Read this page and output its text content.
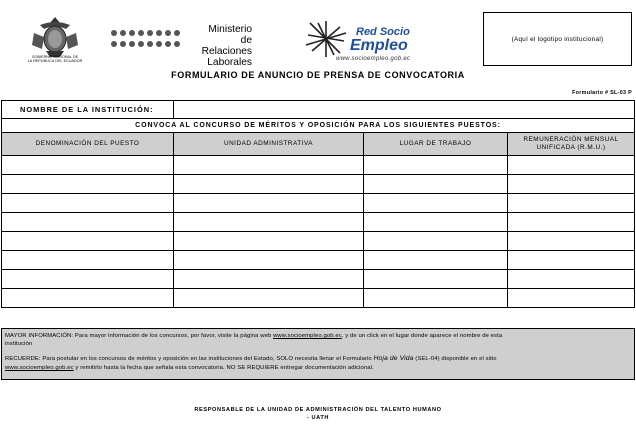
GOBIERNO NACIONAL DE
LA REPUBLICA DEL ECUADOR
Ministerio
de Relaciones
Laborales
Red Socio
Empleo
www.socioempleo.gob.ec
(Aquí el logotipo institucional)
FORMULARIO DE ANUNCIO DE PRENSA DE CONVOCATORIA
Formulario # SL-03 P
NOMBRE DE LA INSTITUCIÓN:			
CONVOCA AL CONCURSO DE MÉRITOS Y OPOSICIÓN PARA LOS SIGUIENTES PUESTOS:			
DENOMINACIÓN DEL PUESTO	UNIDAD ADMINISTRATIVA	LUGAR DE TRABAJO	REMUNERACIÓN MENSUAL UNIFICADA (R.M.U.)

MAYOR INFORMACIÓN: Para mayor información de los concursos, por favor, visite la página web www.socioempleo.gob.ec, y de un click en el lugar donde aparece el nombre de esta
institución
RECUERDE: Para postular en los concursos de méritos y oposición en las instituciones del Estado, SOLO necesita llenar el Formulario Hoja de Vida (SEL-04) disponible en el sitio
www.socioempleo.gob.ec y remitirlo hasta la fecha que señala esta convocatoria. NO SE REQUIERE entregar documentación adicional.
RESPONSABLE DE LA UNIDAD DE ADMINISTRACIÓN DEL TALENTO HUMANO
- UATH
